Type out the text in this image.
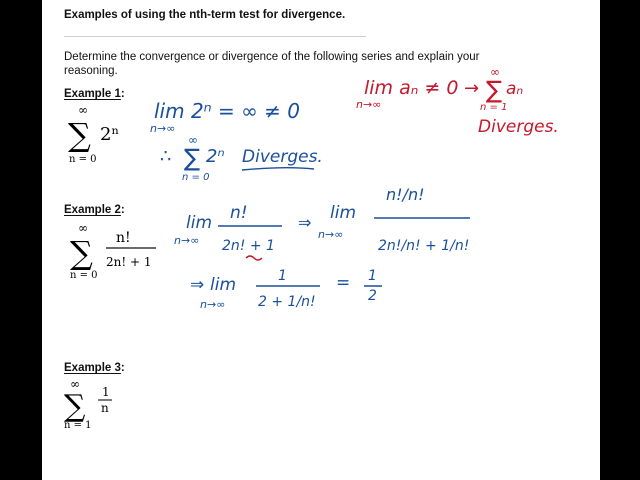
Examples of using the nth-term test for divergence.
Determine the convergence or divergence of the following series and explain your reasoning.
Example 1:
Example 2:
Example 3:
∞
∑
n = 0
2ⁿ
∞
∑
n = 0
n!
2n! + 1
∞
∑
n = 1
1
n
lim aₙ ≠ 0
n→∞
→
∞
∑ aₙ
n = 1
Diverges.
lim 2ⁿ = ∞ ≠ 0
n→∞
∴
∞
∑ 2ⁿ
n = 0
Diverges.
lim
n→∞
n!
2n! + 1
⇒ lim
n→∞
n!/n!
2n!/n! + 1/n!
⇒ lim
n→∞
1
2 + 1/n!
= 1
2
